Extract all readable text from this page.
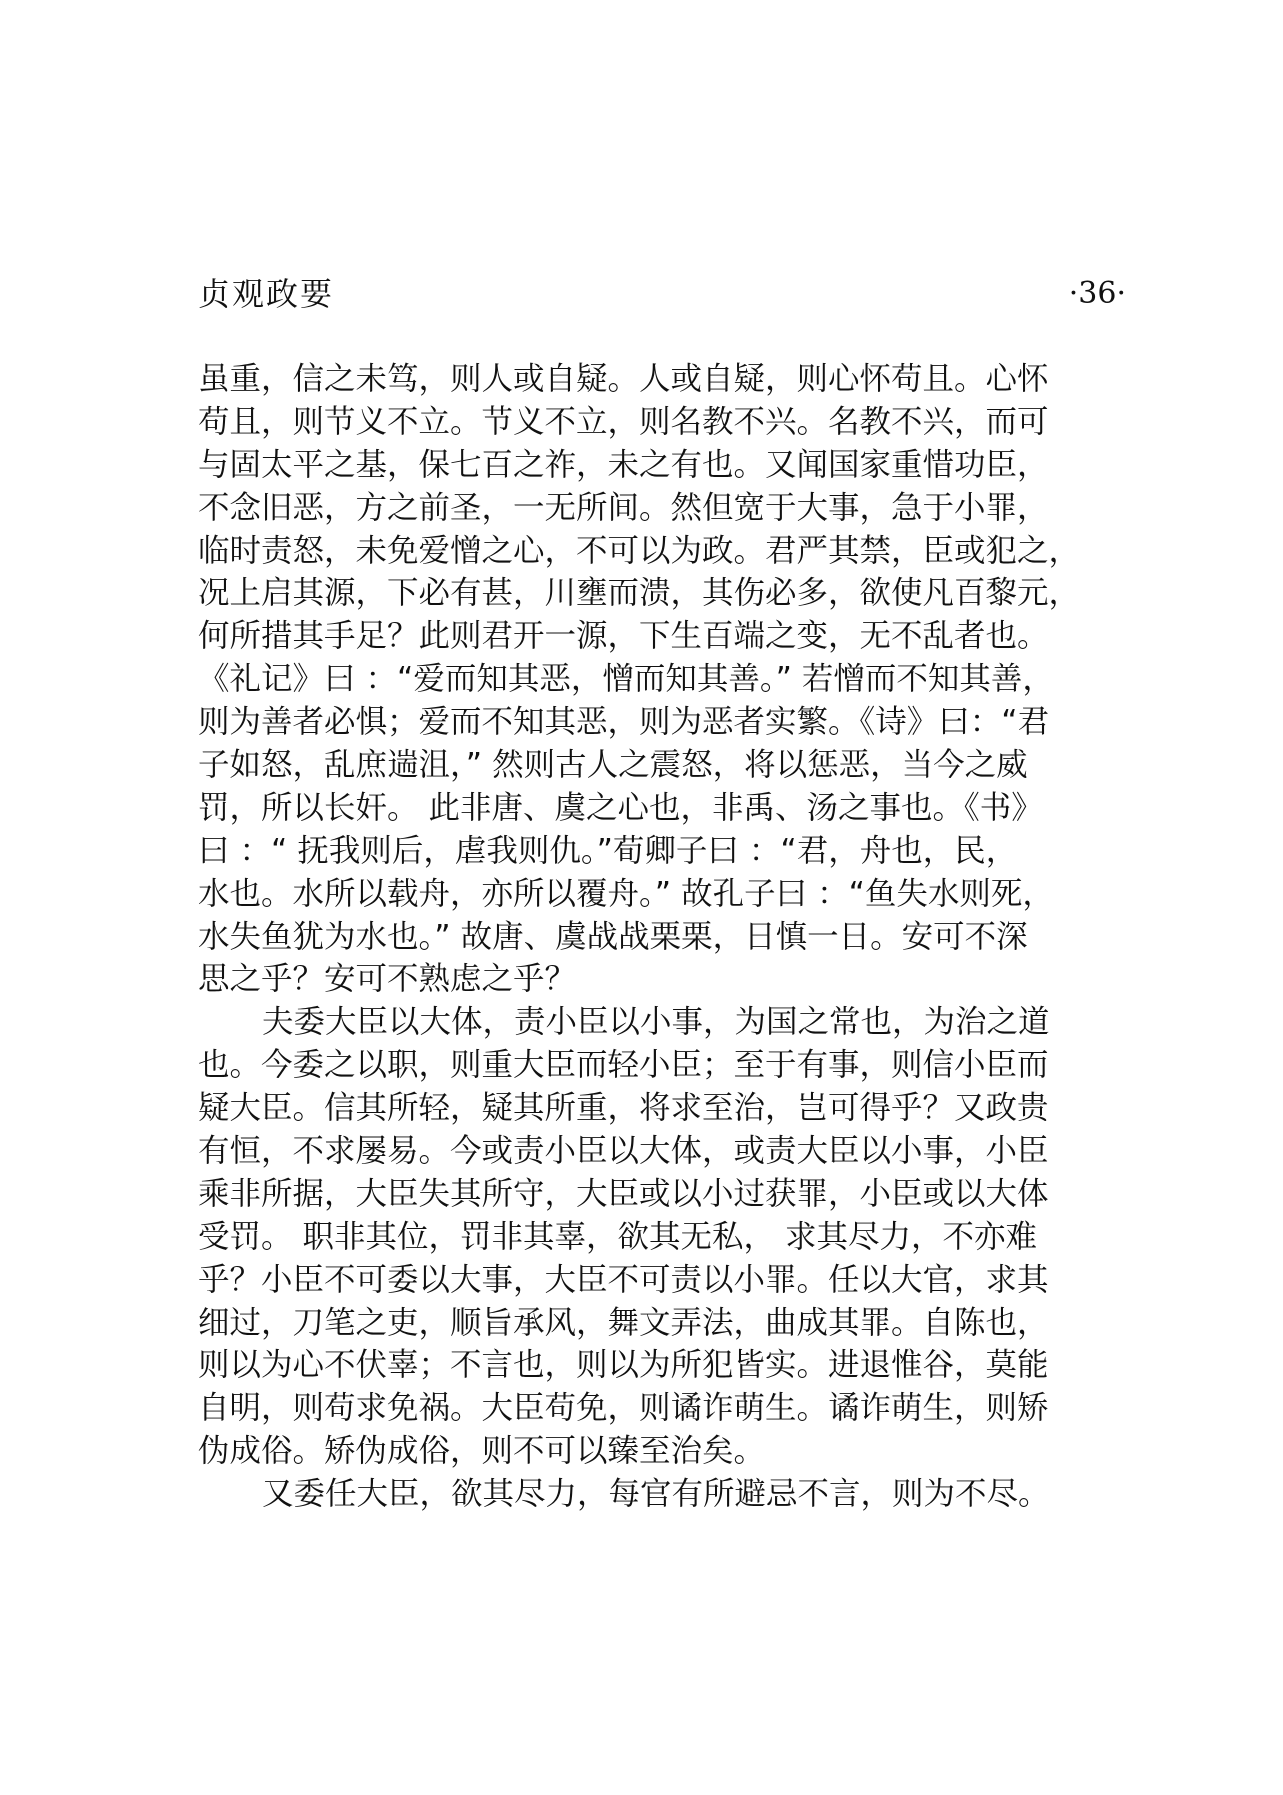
贞观政要	·36·
虽重，信之未笃，则人或自疑。人或自疑，则心怀苟且。心怀
苟且，则节义不立。节义不立，则名教不兴。名教不兴，而可
与固太平之基，保七百之祚，未之有也。又闻国家重惜功臣，
不念旧恶，方之前圣，一无所间。然但宽于大事，急于小罪，
临时责怒，未免爱憎之心，不可以为政。君严其禁，臣或犯之，
况上启其源，下必有甚，川壅而溃，其伤必多，欲使凡百黎元，
何所措其手足？此则君开一源，下生百端之变，无不乱者也。
《礼记》曰 ：“爱而知其恶，憎而知其善。” 若憎而不知其善，
则为善者必惧；爱而不知其恶，则为恶者实繁。《诗》曰：“君
子如怒，乱庶遄沮，” 然则古人之震怒，将以惩恶，当今之威
罚，所以长奸。 此非唐、虞之心也，非禹、汤之事也。《书》
曰 ：“ 抚我则后，虐我则仇。”荀卿子曰 ：“君，舟也，民，
水也。水所以载舟，亦所以覆舟。” 故孔子曰 ：“鱼失水则死，
水失鱼犹为水也。” 故唐、虞战战栗栗，日慎一日。安可不深
思之乎？安可不熟虑之乎？
夫委大臣以大体，责小臣以小事，为国之常也，为治之道
也。今委之以职，则重大臣而轻小臣；至于有事，则信小臣而
疑大臣。信其所轻，疑其所重，将求至治，岂可得乎？又政贵
有恒，不求屡易。今或责小臣以大体，或责大臣以小事，小臣
乘非所据，大臣失其所守，大臣或以小过获罪，小臣或以大体
受罚。 职非其位，罚非其辜，欲其无私， 求其尽力，不亦难
乎？小臣不可委以大事，大臣不可责以小罪。任以大官，求其
细过，刀笔之吏，顺旨承风，舞文弄法，曲成其罪。自陈也，
则以为心不伏辜；不言也，则以为所犯皆实。进退惟谷，莫能
自明，则苟求免祸。大臣苟免，则谲诈萌生。谲诈萌生，则矫
伪成俗。矫伪成俗，则不可以臻至治矣。
又委任大臣，欲其尽力，每官有所避忌不言，则为不尽。
